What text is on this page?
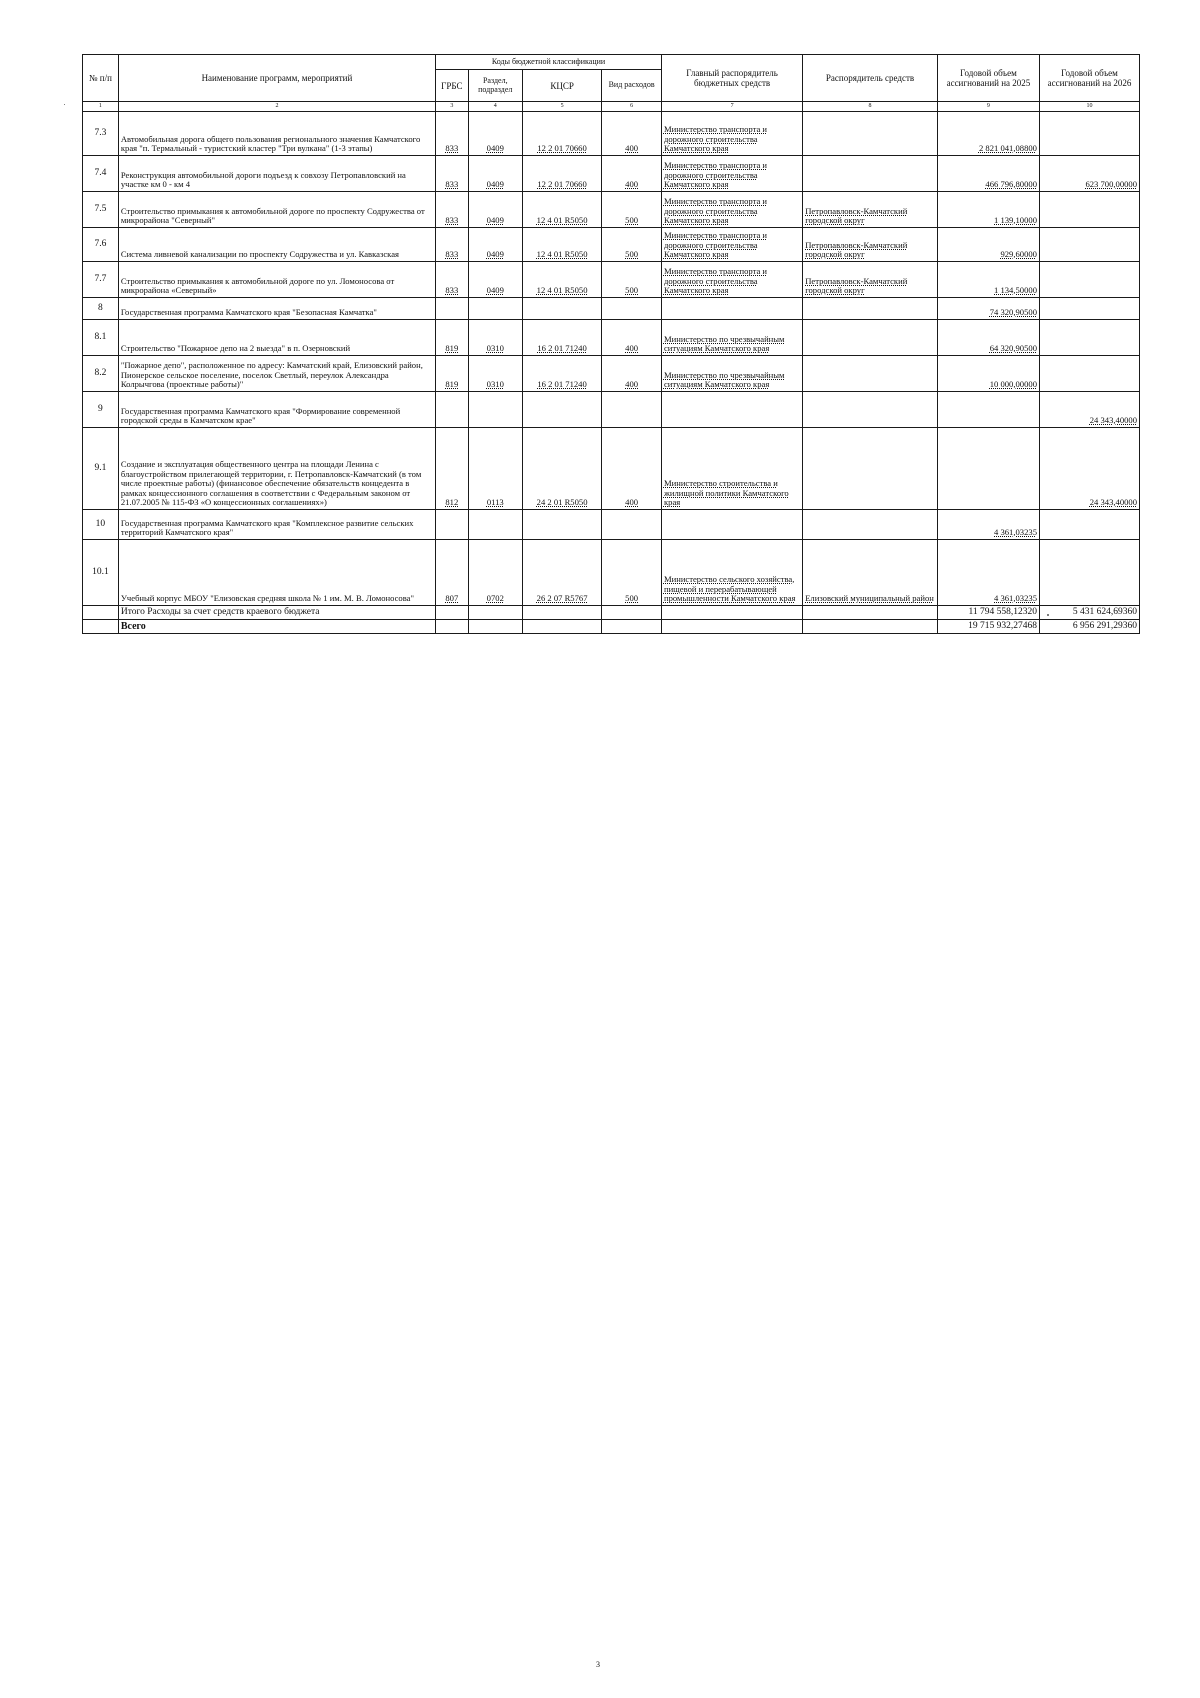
№ п/п	Наименование программ, мероприятий	Коды бюджетной классификации				Главный распорядитель бюджетных средств	Распорядитель средств	Годовой объем ассигнований на 2025	Годовой объем ассигнований на 2026
		ГРБС	Раздел, подраздел	КЦСР	Вид расходов				
1	2	3	4	5	6	7	8	9	10
7.3	Автомобильная дорога общего пользования регионального значения Камчатского края "п. Термальный - туристский кластер "Три вулкана" (1-3 этапы)	833	0409	12 2 01 70660	400	Министерство транспорта и дорожного строительства Камчатского края		2 821 041,08800	
7.4	Реконструкция автомобильной дороги подъезд к совхозу Петропавловский на участке км 0 - км 4	833	0409	12 2 01 70660	400	Министерство транспорта и дорожного строительства Камчатского края		466 796,80000	623 700,00000
7.5	Строительство примыкания к автомобильной дороге по проспекту Содружества от микрорайона "Северный"	833	0409	12 4 01 R5050	500	Министерство транспорта и дорожного строительства Камчатского края	Петропавловск-Камчатский городской округ	1 139,10000	
7.6	Система ливневой канализации по проспекту Содружества и ул. Кавказская	833	0409	12 4 01 R5050	500	Министерство транспорта и дорожного строительства Камчатского края	Петропавловск-Камчатский городской округ	929,60000	
7.7	Строительство примыкания к автомобильной дороге по ул. Ломоносова от микрорайона «Северный»	833	0409	12 4 01 R5050	500	Министерство транспорта и дорожного строительства Камчатского края	Петропавловск-Камчатский городской округ	1 134,50000	
8	Государственная программа Камчатского края "Безопасная Камчатка"							74 320,90500	
8.1	Строительство "Пожарное депо на 2 выезда" в п. Озерновский	819	0310	16 2 01 71240	400	Министерство по чрезвычайным ситуациям Камчатского края		64 320,90500	
8.2	"Пожарное депо", расположенное по адресу: Камчатский край, Елизовский район, Пионерское сельское поселение, поселок Светлый, переулок Александра Колрычгова (проектные работы)"	819	0310	16 2 01 71240	400	Министерство по чрезвычайным ситуациям Камчатского края		10 000,00000	
9	Государственная программа Камчатского края "Формирование современной городской среды в Камчатском крае"								24 343,40000
9.1	Создание и эксплуатация общественного центра на площади Ленина с благоустройством прилегающей территории, г. Петропавловск-Камчатский (в том числе проектные работы) (финансовое обеспечение обязательств концедента в рамках концессионного соглашения в соответствии с Федеральным законом от 21.07.2005 № 115-ФЗ «О концессионных соглашениях»)	812	0113	24 2 01 R5050	400	Министерство строительства и жилищной политики Камчатского края			24 343,40000
10	Государственная программа Камчатского края "Комплексное развитие сельских территорий Камчатского края"							4 361,03235	
10.1	Учебный корпус МБОУ "Елизовская средняя школа № 1 им. М. В. Ломоносова"	807	0702	26 2 07 R5767	500	Министерство сельского хозяйства, пищевой и перерабатывающей промышленности Камчатского края	Елизовский муниципальный район	4 361,03235	
	Итого Расходы за счет средств краевого бюджета							11 794 558,12320	5 431 624,69360
	Всего							19 715 932,27468	6 956 291,29360
3
